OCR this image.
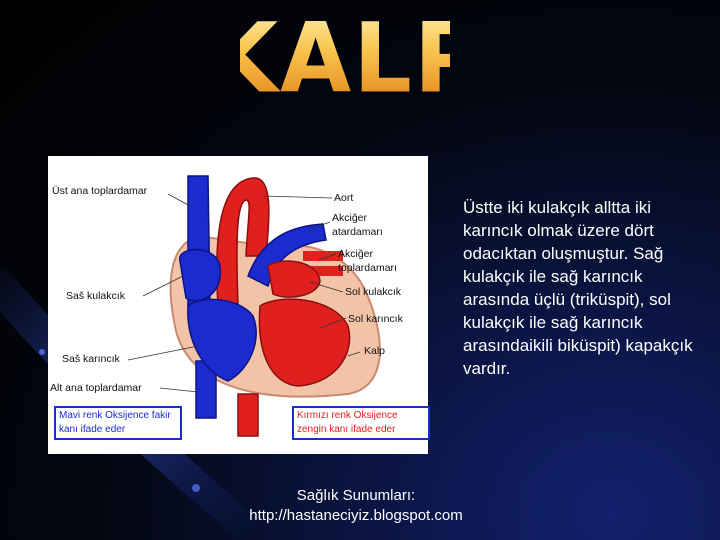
KALP
Üst ana toplardamar
Aort
Akciğer atardamarı
Akciğer toplardamarı
Saš kulakcık	Sol kulakcık
Sol karıncık
Saš karıncık
Kalp
Alt ana toplardamar
Mavi renk Oksijence fakir kanı ifade eder
Kırmızı renk Oksijence zengin kanı ifade eder
Üstte iki kulakçık alltta iki karıncık olmak üzere dört odacıktan oluşmuştur. Sağ kulakçık ile sağ karıncık arasında üçlü (triküspit), sol kulakçık ile sağ karıncık arasındaikili biküspit) kapakçık vardır.
Sağlık Sunumları:
http://hastaneciyiz.blogspot.com
